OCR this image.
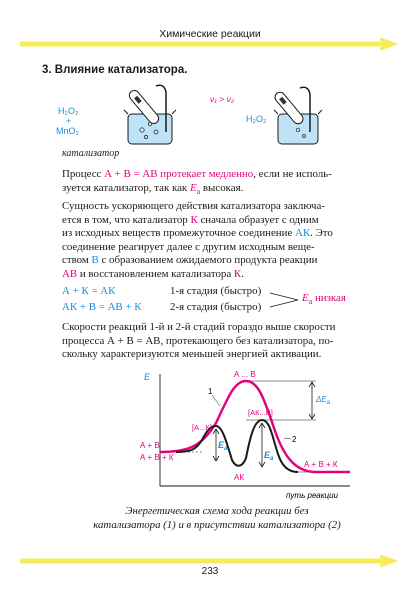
Химические реакции
3. Влияние катализатора.
H₂O₂
+
MnO₂
ν₁ > ν₂
H₂O₂
катализатор

Процесс А + В = АВ протекает медленно, если не исполь-
зуется катализатор, так как $E_а$ высокая.

Сущность ускоряющего действия катализатора заключа-
ется в том, что катализатор К сначала образует с одним
из исходных веществ промежуточное соединение АК. Это
соединение реагирует далее с другим исходным веще-
ством В с образованием ожидаемого продукта реакции
АВ и восстановлением катализатора К.

А + К = АК	1-я стадия (быстро)
АК + В = АВ + К	2-я стадия (быстро)
$E_а$ низкая

Скорости реакций 1-й и 2-й стадий гораздо выше скорости
процесса А + В = АВ, протекающего без катализатора, по-
скольку характеризуются меньшей энергией активации.

E
путь реакции
$\Delta E_а$
А ... В
[А...К]
[АК...В]
1
2
А + В
А + В + К
АК
А + В + К
$E_а$
$E_а$
Энергетическая схема хода реакции без
катализатора (1) и в присутствии катализатора (2)
233
